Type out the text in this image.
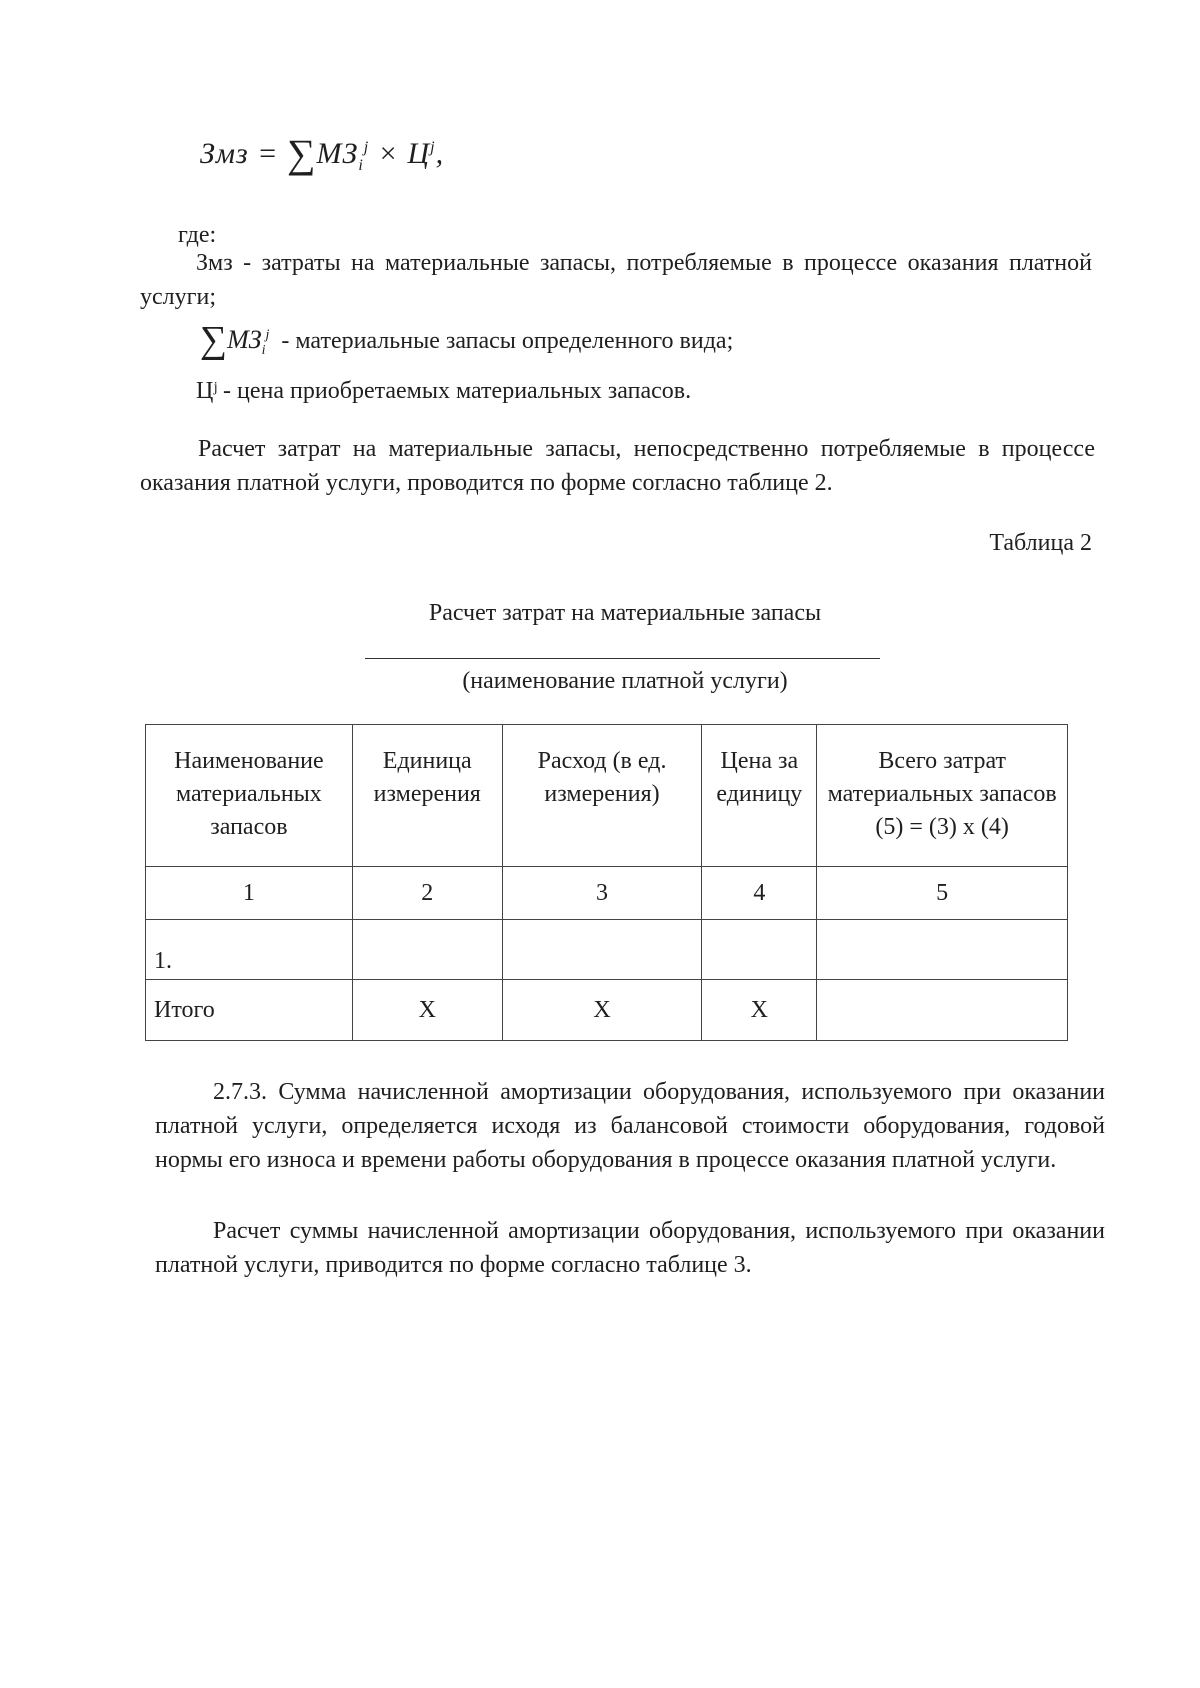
Змз = $\sum МЗ_i^j \times Ц^j$,
где:

Змз - затраты на материальные запасы, потребляемые в процессе оказания платной услуги;

$\sum МЗ_i^j$ - материальные запасы определенного вида;
Цʲ - цена приобретаемых материальных запасов.

Расчет затрат на материальные запасы, непосредственно потребляемые в процессе оказания платной услуги, проводится по форме согласно таблице 2.

Таблица 2
Расчет затрат на материальные запасы
(наименование платной услуги)
Наименование материальных запасов	Единица измерения	Расход (в ед. измерения)	Цена за единицу	Всего затрат материальных запасов (5) = (3) х (4)
1	2	3	4	5
1.				
Итого	Х	Х	Х	

2.7.3. Сумма начисленной амортизации оборудования, используемого при оказании платной услуги, определяется исходя из балансовой стоимости оборудования, годовой нормы его износа и времени работы оборудования в процессе оказания платной услуги.

Расчет суммы начисленной амортизации оборудования, используемого при оказании платной услуги, приводится по форме согласно таблице 3.
